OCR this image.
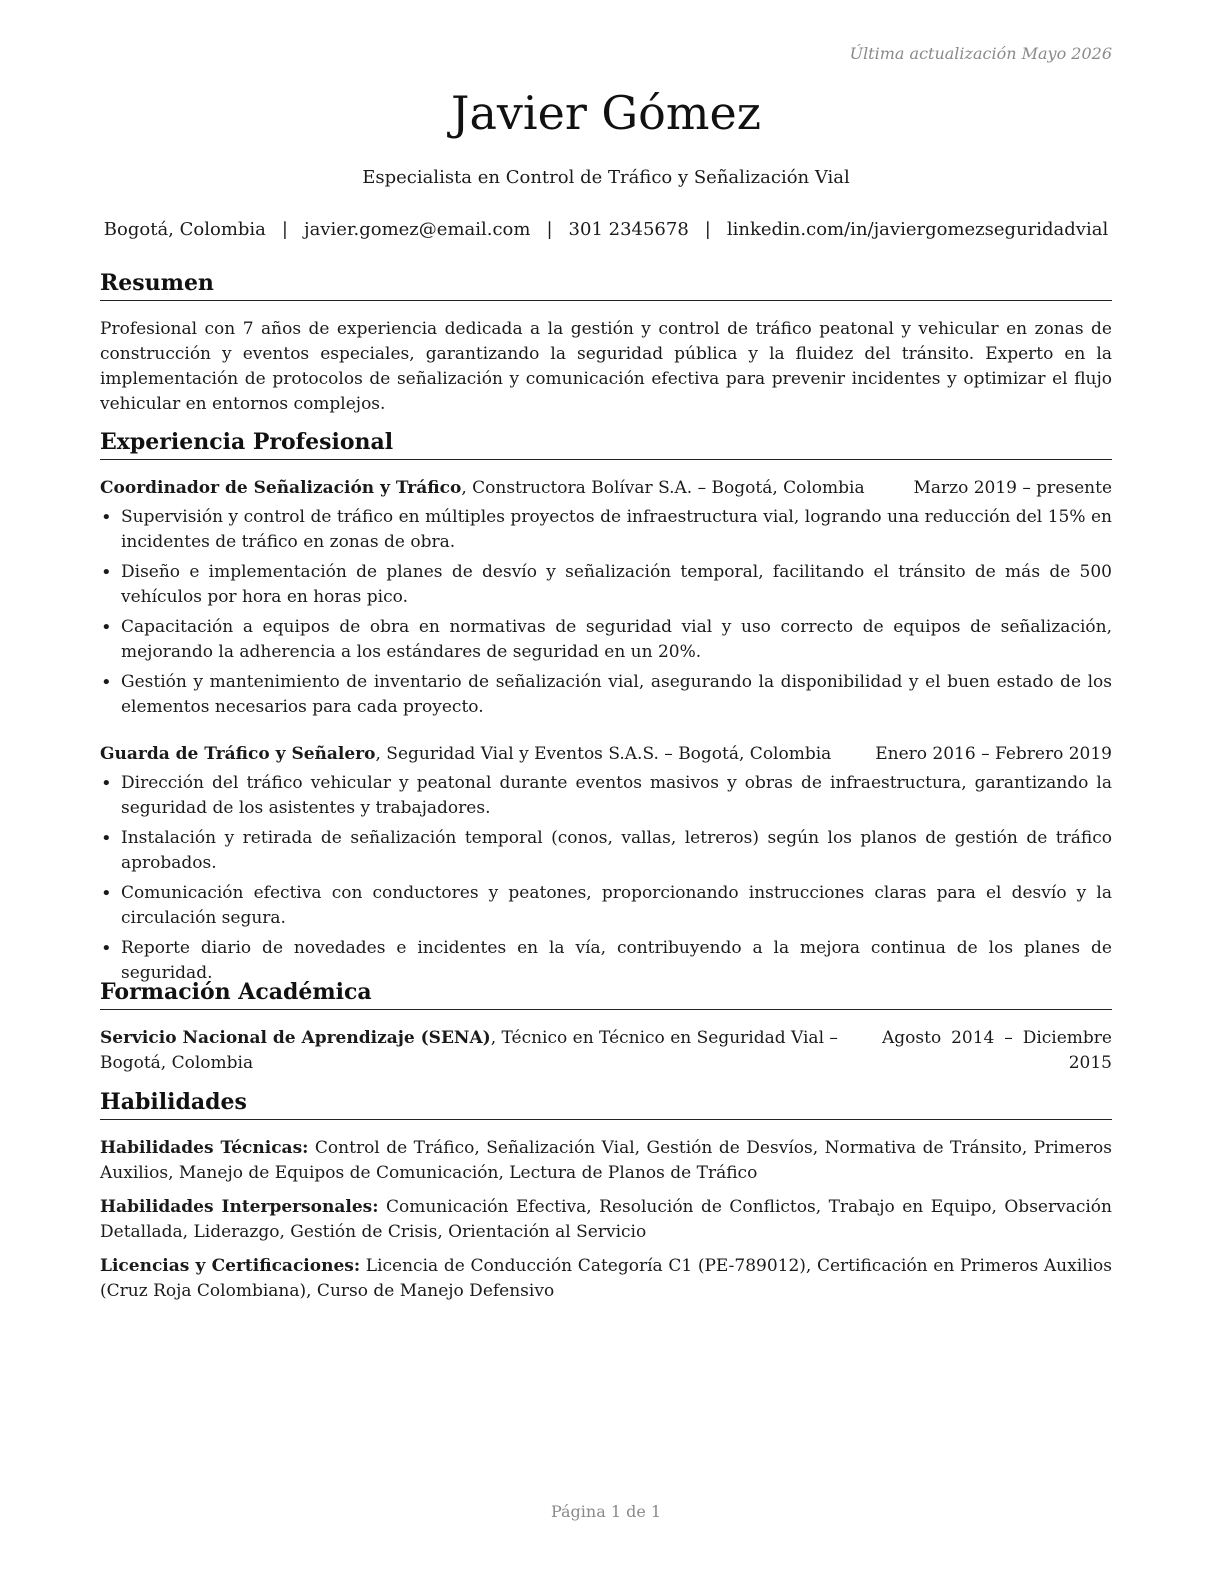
Última actualización Mayo 2026
Javier Gómez
Especialista en Control de Tráfico y Señalización Vial
Bogotá, Colombia | javier.gomez@email.com | 301 2345678 | linkedin.com/in/javiergomezseguridadvial
Resumen

Profesional con 7 años de experiencia dedicada a la gestión y control de tráfico peatonal y vehicular en zonas de construcción y eventos especiales, garantizando la seguridad pública y la fluidez del tránsito. Experto en la implementación de protocolos de señalización y comunicación efectiva para prevenir incidentes y optimizar el flujo vehicular en entornos complejos.

Experiencia Profesional
Coordinador de Señalización y Tráfico, Constructora Bolívar S.A. – Bogotá, Colombia	Marzo 2019 – presente
• Supervisión y control de tráfico en múltiples proyectos de infraestructura vial, logrando una reducción del 15% en incidentes de tráfico en zonas de obra.
• Diseño e implementación de planes de desvío y señalización temporal, facilitando el tránsito de más de 500 vehículos por hora en horas pico.
• Capacitación a equipos de obra en normativas de seguridad vial y uso correcto de equipos de señalización, mejorando la adherencia a los estándares de seguridad en un 20%.
• Gestión y mantenimiento de inventario de señalización vial, asegurando la disponibilidad y el buen estado de los elementos necesarios para cada proyecto.
Guarda de Tráfico y Señalero, Seguridad Vial y Eventos S.A.S. – Bogotá, Colombia	Enero 2016 – Febrero 2019
• Dirección del tráfico vehicular y peatonal durante eventos masivos y obras de infraestructura, garantizando la seguridad de los asistentes y trabajadores.
• Instalación y retirada de señalización temporal (conos, vallas, letreros) según los planos de gestión de tráfico aprobados.
• Comunicación efectiva con conductores y peatones, proporcionando instrucciones claras para el desvío y la circulación segura.
• Reporte diario de novedades e incidentes en la vía, contribuyendo a la mejora continua de los planes de seguridad.
Formación Académica
Servicio Nacional de Aprendizaje (SENA), Técnico en Técnico en Seguridad Vial – Bogotá, Colombia
Agosto 2014 – Diciembre 2015
Habilidades

Habilidades Técnicas: Control de Tráfico, Señalización Vial, Gestión de Desvíos, Normativa de Tránsito, Primeros Auxilios, Manejo de Equipos de Comunicación, Lectura de Planos de Tráfico

Habilidades Interpersonales: Comunicación Efectiva, Resolución de Conflictos, Trabajo en Equipo, Observación Detallada, Liderazgo, Gestión de Crisis, Orientación al Servicio

Licencias y Certificaciones: Licencia de Conducción Categoría C1 (PE-789012), Certificación en Primeros Auxilios (Cruz Roja Colombiana), Curso de Manejo Defensivo

Página 1 de 1
